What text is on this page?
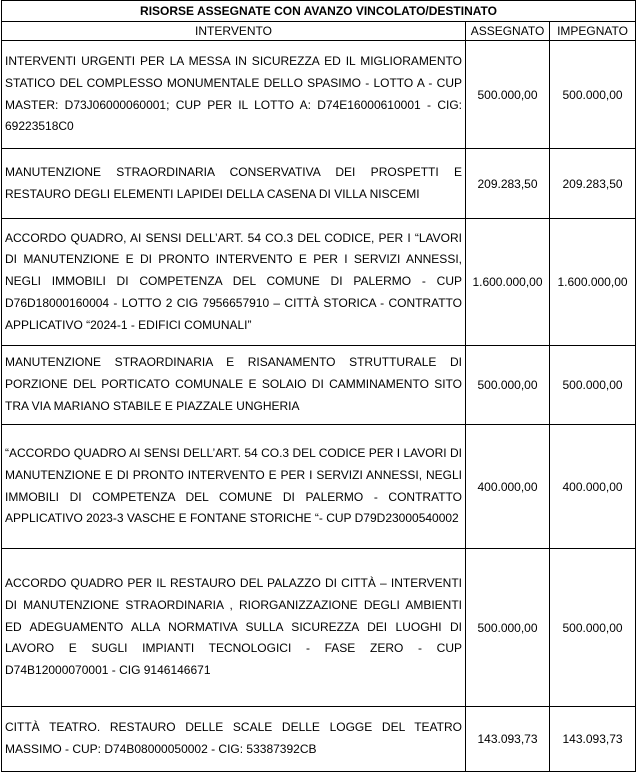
RISORSE ASSEGNATE CON AVANZO VINCOLATO/DESTINATO		
INTERVENTO	ASSEGNATO	IMPEGNATO
INTERVENTI URGENTI PER LA MESSA IN SICUREZZA ED IL MIGLIORAMENTO STATICO DEL COMPLESSO MONUMENTALE DELLO SPASIMO - LOTTO A - CUP MASTER: D73J06000060001; CUP PER IL LOTTO A: D74E16000610001 - CIG: 69223518C0	500.000,00	500.000,00
MANUTENZIONE STRAORDINARIA CONSERVATIVA DEI PROSPETTI E RESTAURO DEGLI ELEMENTI LAPIDEI DELLA CASENA DI VILLA NISCEMI	209.283,50	209.283,50
ACCORDO QUADRO, AI SENSI DELL’ART. 54 CO.3 DEL CODICE, PER I “LAVORI DI MANUTENZIONE E DI PRONTO INTERVENTO E PER I SERVIZI ANNESSI, NEGLI IMMOBILI DI COMPETENZA DEL COMUNE DI PALERMO - CUP D76D18000160004 - LOTTO 2 CIG 7956657910 – CITTÀ STORICA - CONTRATTO APPLICATIVO “2024-1 - EDIFICI COMUNALI”	1.600.000,00	1.600.000,00
MANUTENZIONE STRAORDINARIA E RISANAMENTO STRUTTURALE DI PORZIONE DEL PORTICATO COMUNALE E SOLAIO DI CAMMINAMENTO SITO TRA VIA MARIANO STABILE E PIAZZALE UNGHERIA	500.000,00	500.000,00
“ACCORDO QUADRO AI SENSI DELL’ART. 54 CO.3 DEL CODICE PER I LAVORI DI MANUTENZIONE E DI PRONTO INTERVENTO E PER I SERVIZI ANNESSI, NEGLI IMMOBILI DI COMPETENZA DEL COMUNE DI PALERMO - CONTRATTO APPLICATIVO 2023-3 VASCHE E FONTANE STORICHE “- CUP D79D23000540002	400.000,00	400.000,00
ACCORDO QUADRO PER IL RESTAURO DEL PALAZZO DI CITTÀ – INTERVENTI DI MANUTENZIONE STRAORDINARIA , RIORGANIZZAZIONE DEGLI AMBIENTI ED ADEGUAMENTO ALLA NORMATIVA SULLA SICUREZZA DEI LUOGHI DI LAVORO E SUGLI IMPIANTI TECNOLOGICI - FASE ZERO - CUP D74B12000070001 - CIG 9146146671	500.000,00	500.000,00
CITTÀ TEATRO. RESTAURO DELLE SCALE DELLE LOGGE DEL TEATRO MASSIMO - CUP: D74B08000050002 - CIG: 53387392CB	143.093,73	143.093,73
